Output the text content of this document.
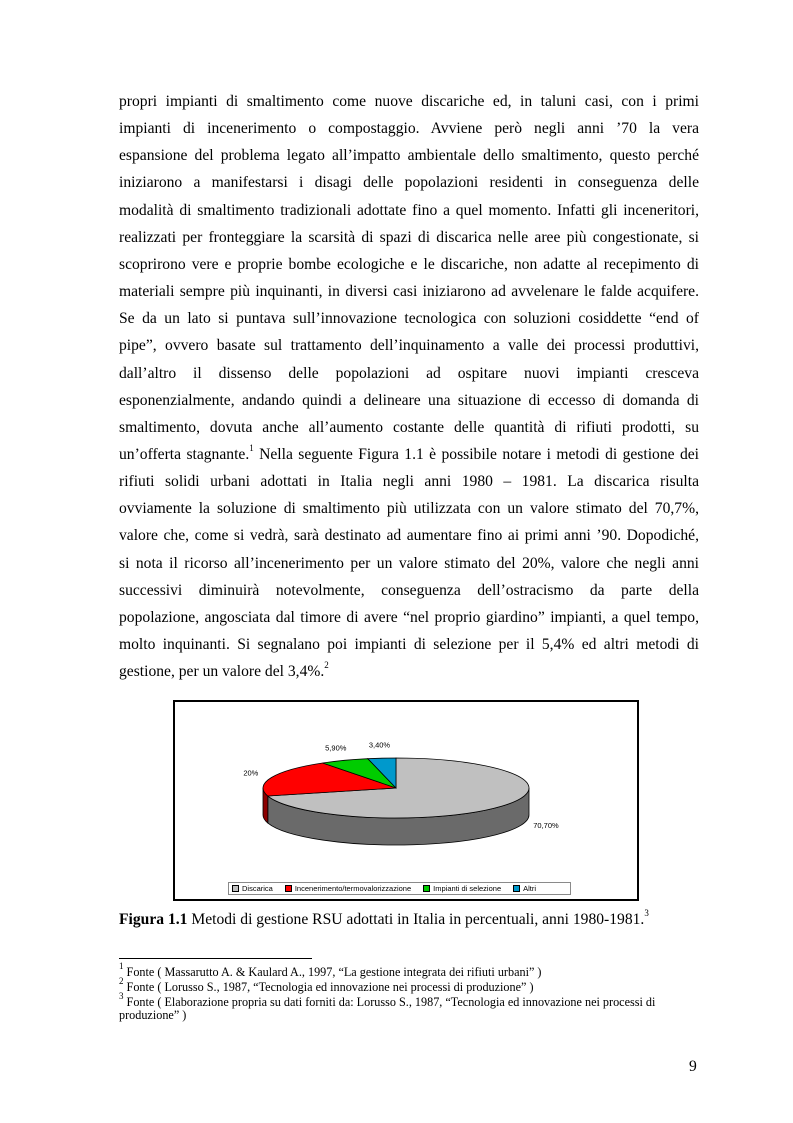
propri impianti di smaltimento come nuove discariche ed, in taluni casi, con i primi
impianti di incenerimento o compostaggio. Avviene però negli anni ’70 la vera
espansione del problema legato all’impatto ambientale dello smaltimento, questo perché
iniziarono a manifestarsi i disagi delle popolazioni residenti in conseguenza delle
modalità di smaltimento tradizionali adottate fino a quel momento. Infatti gli inceneritori,
realizzati per fronteggiare la scarsità di spazi di discarica nelle aree più congestionate, si
scoprirono vere e proprie bombe ecologiche e le discariche, non adatte al recepimento di
materiali sempre più inquinanti, in diversi casi iniziarono ad avvelenare le falde acquifere.
Se da un lato si puntava sull’innovazione tecnologica con soluzioni cosiddette “end of
pipe”, ovvero basate sul trattamento dell’inquinamento a valle dei processi produttivi,
dall’altro il dissenso delle popolazioni ad ospitare nuovi impianti cresceva
esponenzialmente, andando quindi a delineare una situazione di eccesso di domanda di
smaltimento, dovuta anche all’aumento costante delle quantità di rifiuti prodotti, su
un’offerta stagnante.$^1$ Nella seguente Figura 1.1 è possibile notare i metodi di gestione dei
rifiuti solidi urbani adottati in Italia negli anni 1980 – 1981. La discarica risulta
ovviamente la soluzione di smaltimento più utilizzata con un valore stimato del 70,7%,
valore che, come si vedrà, sarà destinato ad aumentare fino ai primi anni ’90. Dopodiché,
si nota il ricorso all’incenerimento per un valore stimato del 20%, valore che negli anni
successivi diminuirà notevolmente, conseguenza dell’ostracismo da parte della
popolazione, angosciata dal timore di avere “nel proprio giardino” impianti, a quel tempo,
molto inquinanti. Si segnalano poi impianti di selezione per il 5,4% ed altri metodi di
gestione, per un valore del 3,4%.$^2$
70,70%
20%
5,90%	3,40%
Discarica	Incenerimento/termovalorizzazione	Impianti di selezione	Altri
Figura 1.1 Metodi di gestione RSU adottati in Italia in percentuali, anni 1980-1981.$^3$
$^1$ Fonte ( Massarutto A. & Kaulard A., 1997, “La gestione integrata dei rifiuti urbani” )
$^2$ Fonte ( Lorusso S., 1987, “Tecnologia ed innovazione nei processi di produzione” )
$^3$ Fonte ( Elaborazione propria su dati forniti da: Lorusso S., 1987, “Tecnologia ed innovazione nei processi di produzione” )
9
